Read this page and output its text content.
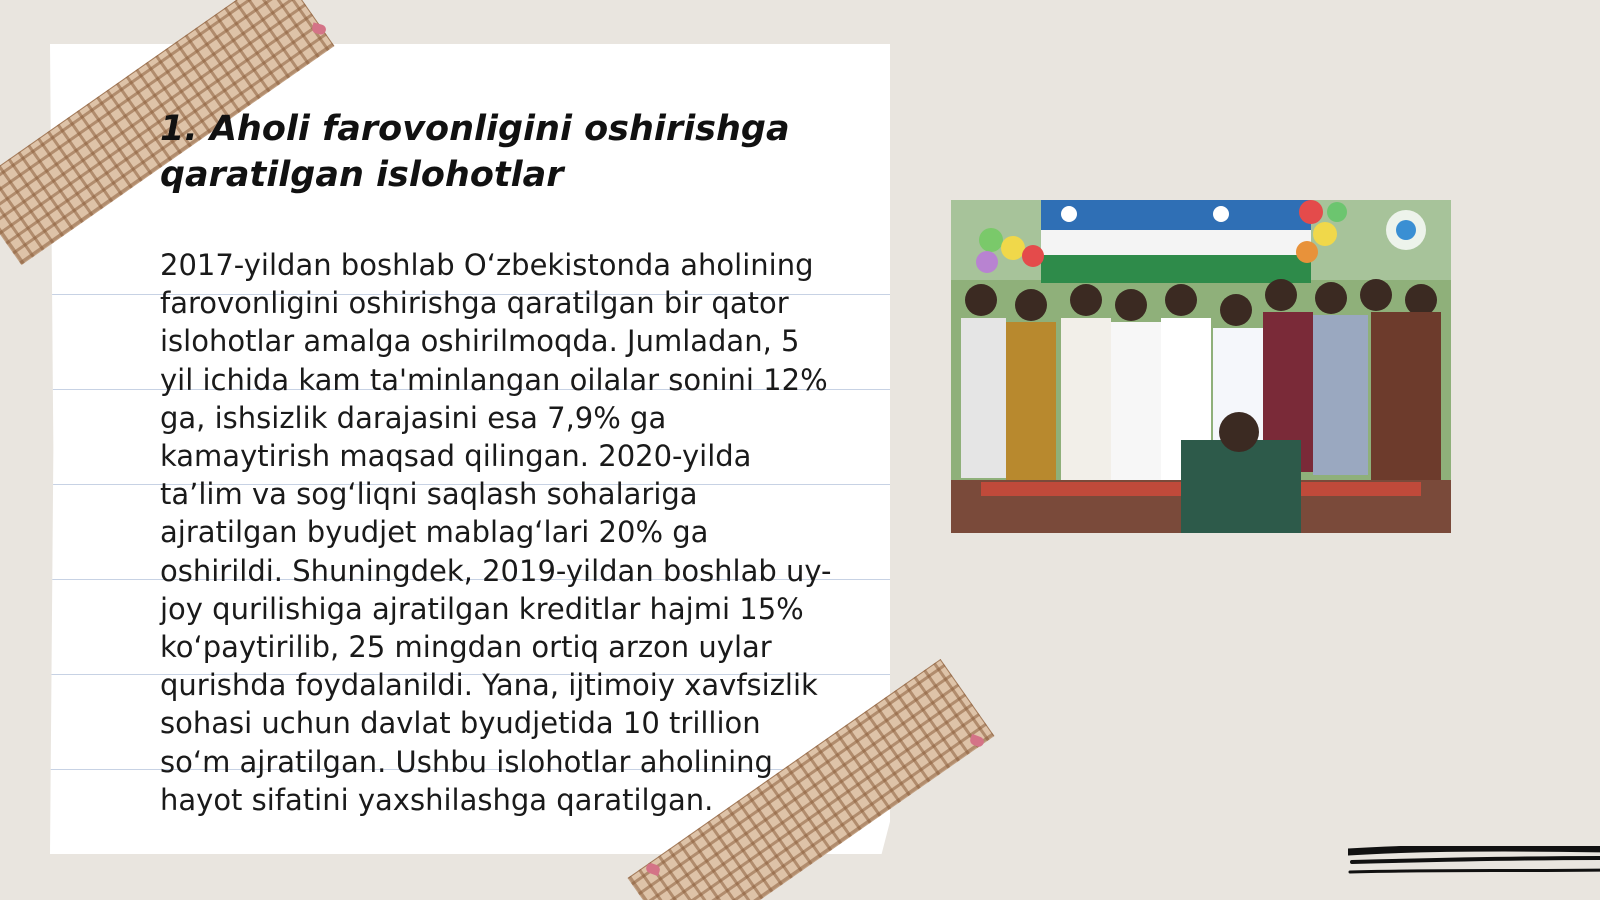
1. Aholi farovonligini oshirishga qaratilgan islohotlar

2017-yildan boshlab O‘zbekistonda aholining farovonligini oshirishga qaratilgan bir qator islohotlar amalga oshirilmoqda. Jumladan, 5 yil ichida kam ta'minlangan oilalar sonini 12% ga, ishsizlik darajasini esa 7,9% ga kamaytirish maqsad qilingan. 2020-yilda ta’lim va sog‘liqni saqlash sohalariga ajratilgan byudjet mablag‘lari 20% ga oshirildi. Shuningdek, 2019-yildan boshlab uy-joy qurilishiga ajratilgan kreditlar hajmi 15% ko‘paytirilib, 25 mingdan ortiq arzon uylar qurishda foydalanildi. Yana, ijtimoiy xavfsizlik sohasi uchun davlat byudjetida 10 trillion so‘m ajratilgan. Ushbu islohotlar aholining hayot sifatini yaxshilashga qaratilgan.
